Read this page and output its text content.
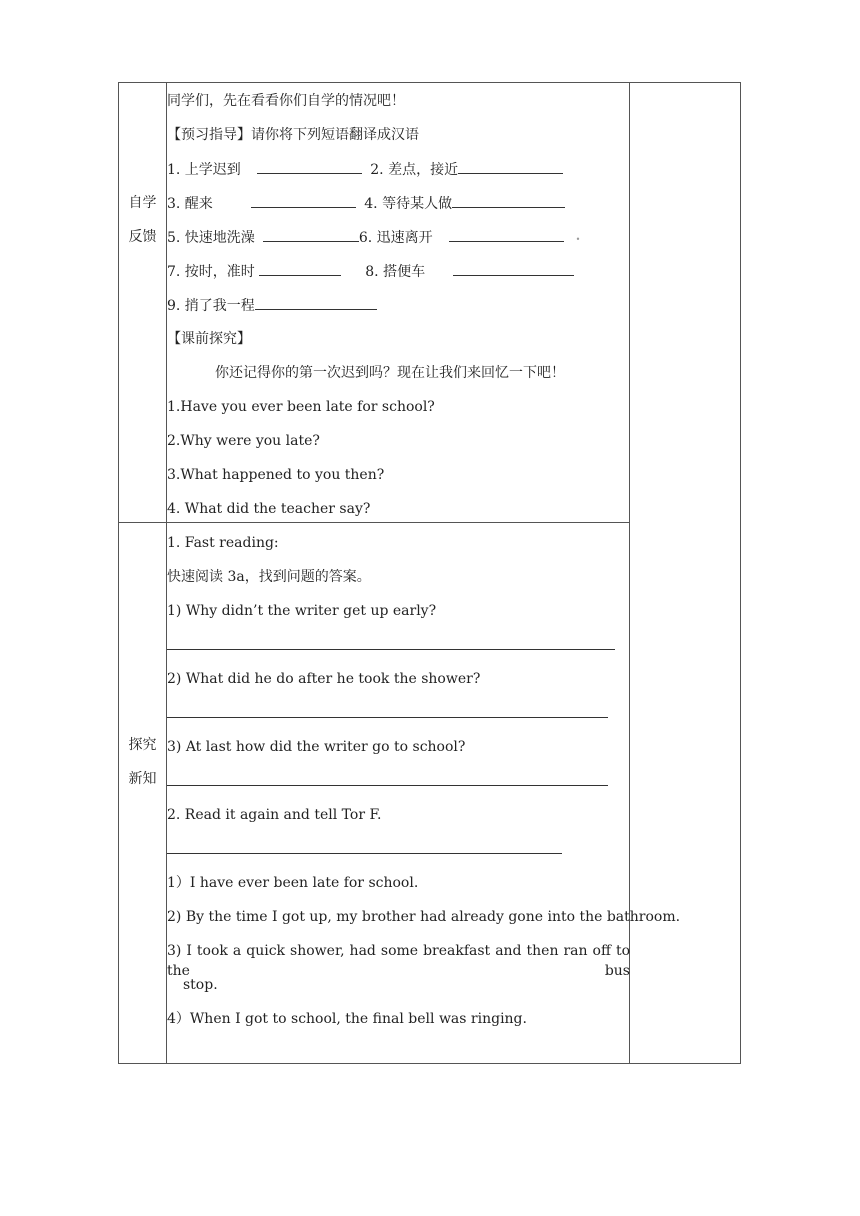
自学
反馈
同学们，先在看看你们自学的情况吧！
【预习指导】请你将下列短语翻译成汉语
1. 上学迟到	2. 差点，接近
3. 醒来	4. 等待某人做
5. 快速地洗澡	6. 迅速离开	•
7. 按时，准时	8. 搭便车
9. 捎了我一程
【课前探究】
你还记得你的第一次迟到吗？现在让我们来回忆一下吧！
1.Have you ever been late for school?
2.Why were you late?
3.What happened to you then?
4. What did the teacher say?
探究
新知
1. Fast reading:
快速阅读 3a，找到问题的答案。
1) Why didn’t the writer get up early?
2) What did he do after he took the shower?
3) At last how did the writer go to school?
2. Read it again and tell Tor F.
1）I have ever been late for school.
2) By the time I got up, my brother had already gone into the bathroom.
3) I took a quick shower, had some breakfast and then ran off to the bus
stop.
4）When I got to school, the final bell was ringing.
